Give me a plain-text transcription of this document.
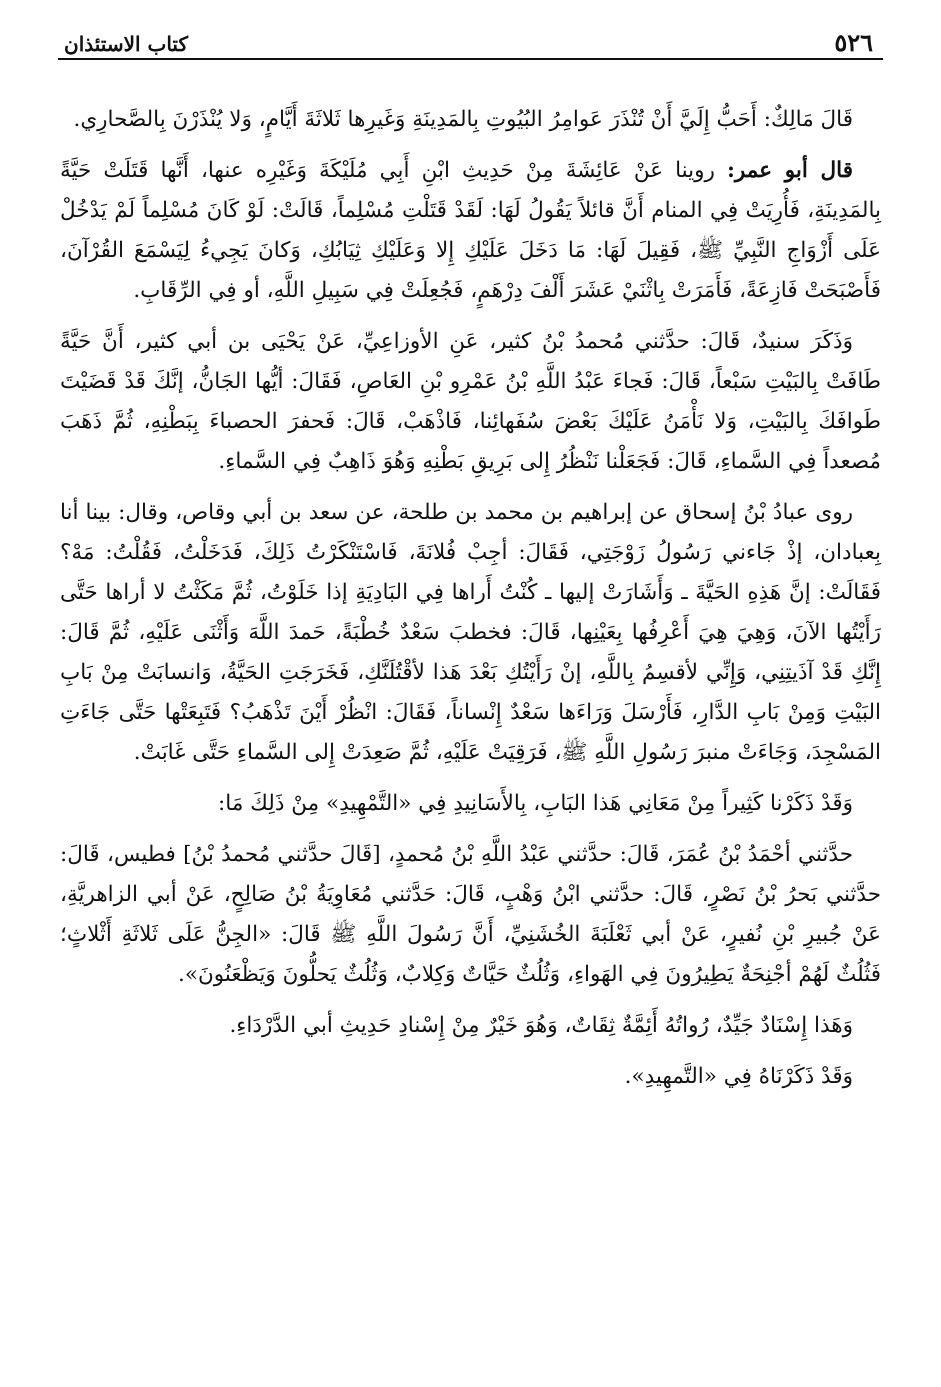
٥٢٦
كتاب الاستئذان

قَالَ مَالِكٌ: أَحَبُّ إِلَيَّ أَنْ تُنْذَرَ عَوامِرُ البُيُوتِ بِالمَدِينَةِ وَغَيرِها ثَلاثَةَ أَيَّامٍ، وَلا يُنْذَرْنَ بِالصَّحارِي.

قال أبو عمر: روينا عَنْ عَائِشَةَ مِنْ حَدِيثِ ابْنِ أَبِي مُلَيْكَةَ وَغَيْرِه عنها، أَنَّها قَتَلَتْ حَيَّةً بِالمَدِينَةِ، فَأُرِيَتْ فِي المنام أَنَّ قائلاً يَقُولُ لَهَا: لَقَدْ قَتَلْتِ مُسْلِماً، قَالَتْ: لَوْ كَانَ مُسْلِماً لَمْ يَدْخُلْ عَلَى أَزْوَاجِ النَّبِيِّ ﷺ، فَقِيلَ لَهَا: مَا دَخَلَ عَلَيْكِ إِلا وَعَلَيْكِ ثِيَابُكِ، وَكانَ يَجِيءُ لِيَسْمَعَ القُرْآنَ، فَأَصْبَحَتْ فَازِعَةً، فَأَمَرَتْ بِاثْنَيْ عَشَرَ أَلْفَ دِرْهَمٍ، فَجُعِلَتْ فِي سَبِيلِ اللَّهِ، أو فِي الرِّقَابِ.

وَذَكَرَ سنيدٌ، قَالَ: حدَّثني مُحمدُ بْنُ كثير، عَنِ الأوزاعِيِّ، عَنْ يَحْيَى بن أبي كثير، أَنَّ حَيَّةً طَافَتْ بِالبَيْتِ سَبْعاً، قَالَ: فَجاءَ عَبْدُ اللَّهِ بْنُ عَمْرِو بْنِ العَاصِ، فَقَالَ: أيُّها الجَانُّ، إنَّكَ قَدْ قَضَيْتَ طَوافَكَ بِالبَيْتِ، وَلا نَأْمَنُ عَلَيْكَ بَعْضَ سُفَهائِنا، فَاذْهَبْ، قَالَ: فَحفرَ الحصباءَ بِبَطْنِهِ، ثُمَّ ذَهَبَ مُصعداً فِي السَّماءِ، قَالَ: فَجَعَلْنا نَنْظُرُ إِلى بَرِيقِ بَطْنِهِ وَهُوَ ذَاهِبٌ فِي السَّماءِ.

روى عبادُ بْنُ إسحاق عن إبراهيم بن محمد بن طلحة، عن سعد بن أبي وقاص، وقال: بينا أنا بِعبادان، إذْ جَاءني رَسُولُ زَوْجَتِي، فَقَالَ: أجِبْ فُلانَةَ، فَاسْتَنْكَرْتُ ذَلِكَ، فَدَخَلْتُ، فَقُلْتُ: مَهْ؟ فَقَالَتْ: إنَّ هَذِهِ الحَيَّةَ ـ وَأَشَارَتْ إليها ـ كُنْتُ أَراها فِي البَادِيَةِ إذا خَلَوْتُ، ثُمَّ مَكَثْتُ لا أراها حَتَّى رَأَيْتُها الآنَ، وَهِيَ هِيَ أَعْرِفُها بِعَيْنِها، قَالَ: فخطبَ سَعْدٌ خُطْبَةً، حَمدَ اللَّهَ وَأَثْنَى عَلَيْهِ، ثُمَّ قَالَ: إِنَّكِ قَدْ آذَيتِنِي، وَإِنِّي لأقسِمُ بِاللَّهِ، إنْ رَأَيْتُكِ بَعْدَ هَذا لأقْتُلَنَّكِ، فَخَرَجَتِ الحَيَّةُ، وَانسابَتْ مِنْ بَابِ البَيْتِ وَمِنْ بَابِ الدَّارِ، فَأَرْسَلَ وَرَاءَها سَعْدٌ إِنْساناً، فَقَالَ: انْظُرْ أَيْنَ تَذْهَبُ؟ فَتَبِعَتْها حَتَّى جَاءَتِ المَسْجِدَ، وَجَاءَتْ منبرَ رَسُولِ اللَّهِ ﷺ، فَرَقِيَتْ عَلَيْهِ، ثُمَّ صَعِدَتْ إِلى السَّماءِ حَتَّى غَابَتْ.

وَقَدْ ذَكَرْنا كَثِيراً مِنْ مَعَانِي هَذا البَابِ، بِالأَسَانِيدِ فِي «التَّمْهِيدِ» مِنْ ذَلِكَ مَا:

حدَّثني أحْمَدُ بْنُ عُمَرَ، قَالَ: حدَّثني عَبْدُ اللَّهِ بْنُ مُحمدٍ، [قَالَ حدَّثني مُحمدُ بْنُ] فطيس، قَالَ: حدَّثني بَحرُ بْنُ نَصْرٍ، قَالَ: حدَّثني ابْنُ وَهْبٍ، قَالَ: حَدَّثني مُعَاوِيَةُ بْنُ صَالِحٍ، عَنْ أبي الزاهريَّةِ، عَنْ جُبيرِ بْنِ نُفيرٍ، عَنْ أبي ثَعْلَبَةَ الخُشَنِيِّ، أَنَّ رَسُولَ اللَّهِ ﷺ قَالَ: «الجِنُّ عَلَى ثَلاثَةِ أَثْلاثٍ؛ فَثُلُثٌ لَهُمْ أجْنِحَةٌ يَطِيرُونَ فِي الهَواءِ، وَثُلُثٌ حَيَّاتٌ وَكِلابٌ، وَثُلُثٌ يَحلُّونَ وَيَظْعَنُونَ».

وَهَذا إِسْنَادٌ جَيِّدٌ، رُواتُهُ أَئِمَّةٌ ثِقَاتٌ، وَهُوَ خَيْرٌ مِنْ إِسْنادِ حَدِيثِ أبي الدَّرْدَاءِ.

وَقَدْ ذَكَرْنَاهُ فِي «التَّمهِيدِ».
